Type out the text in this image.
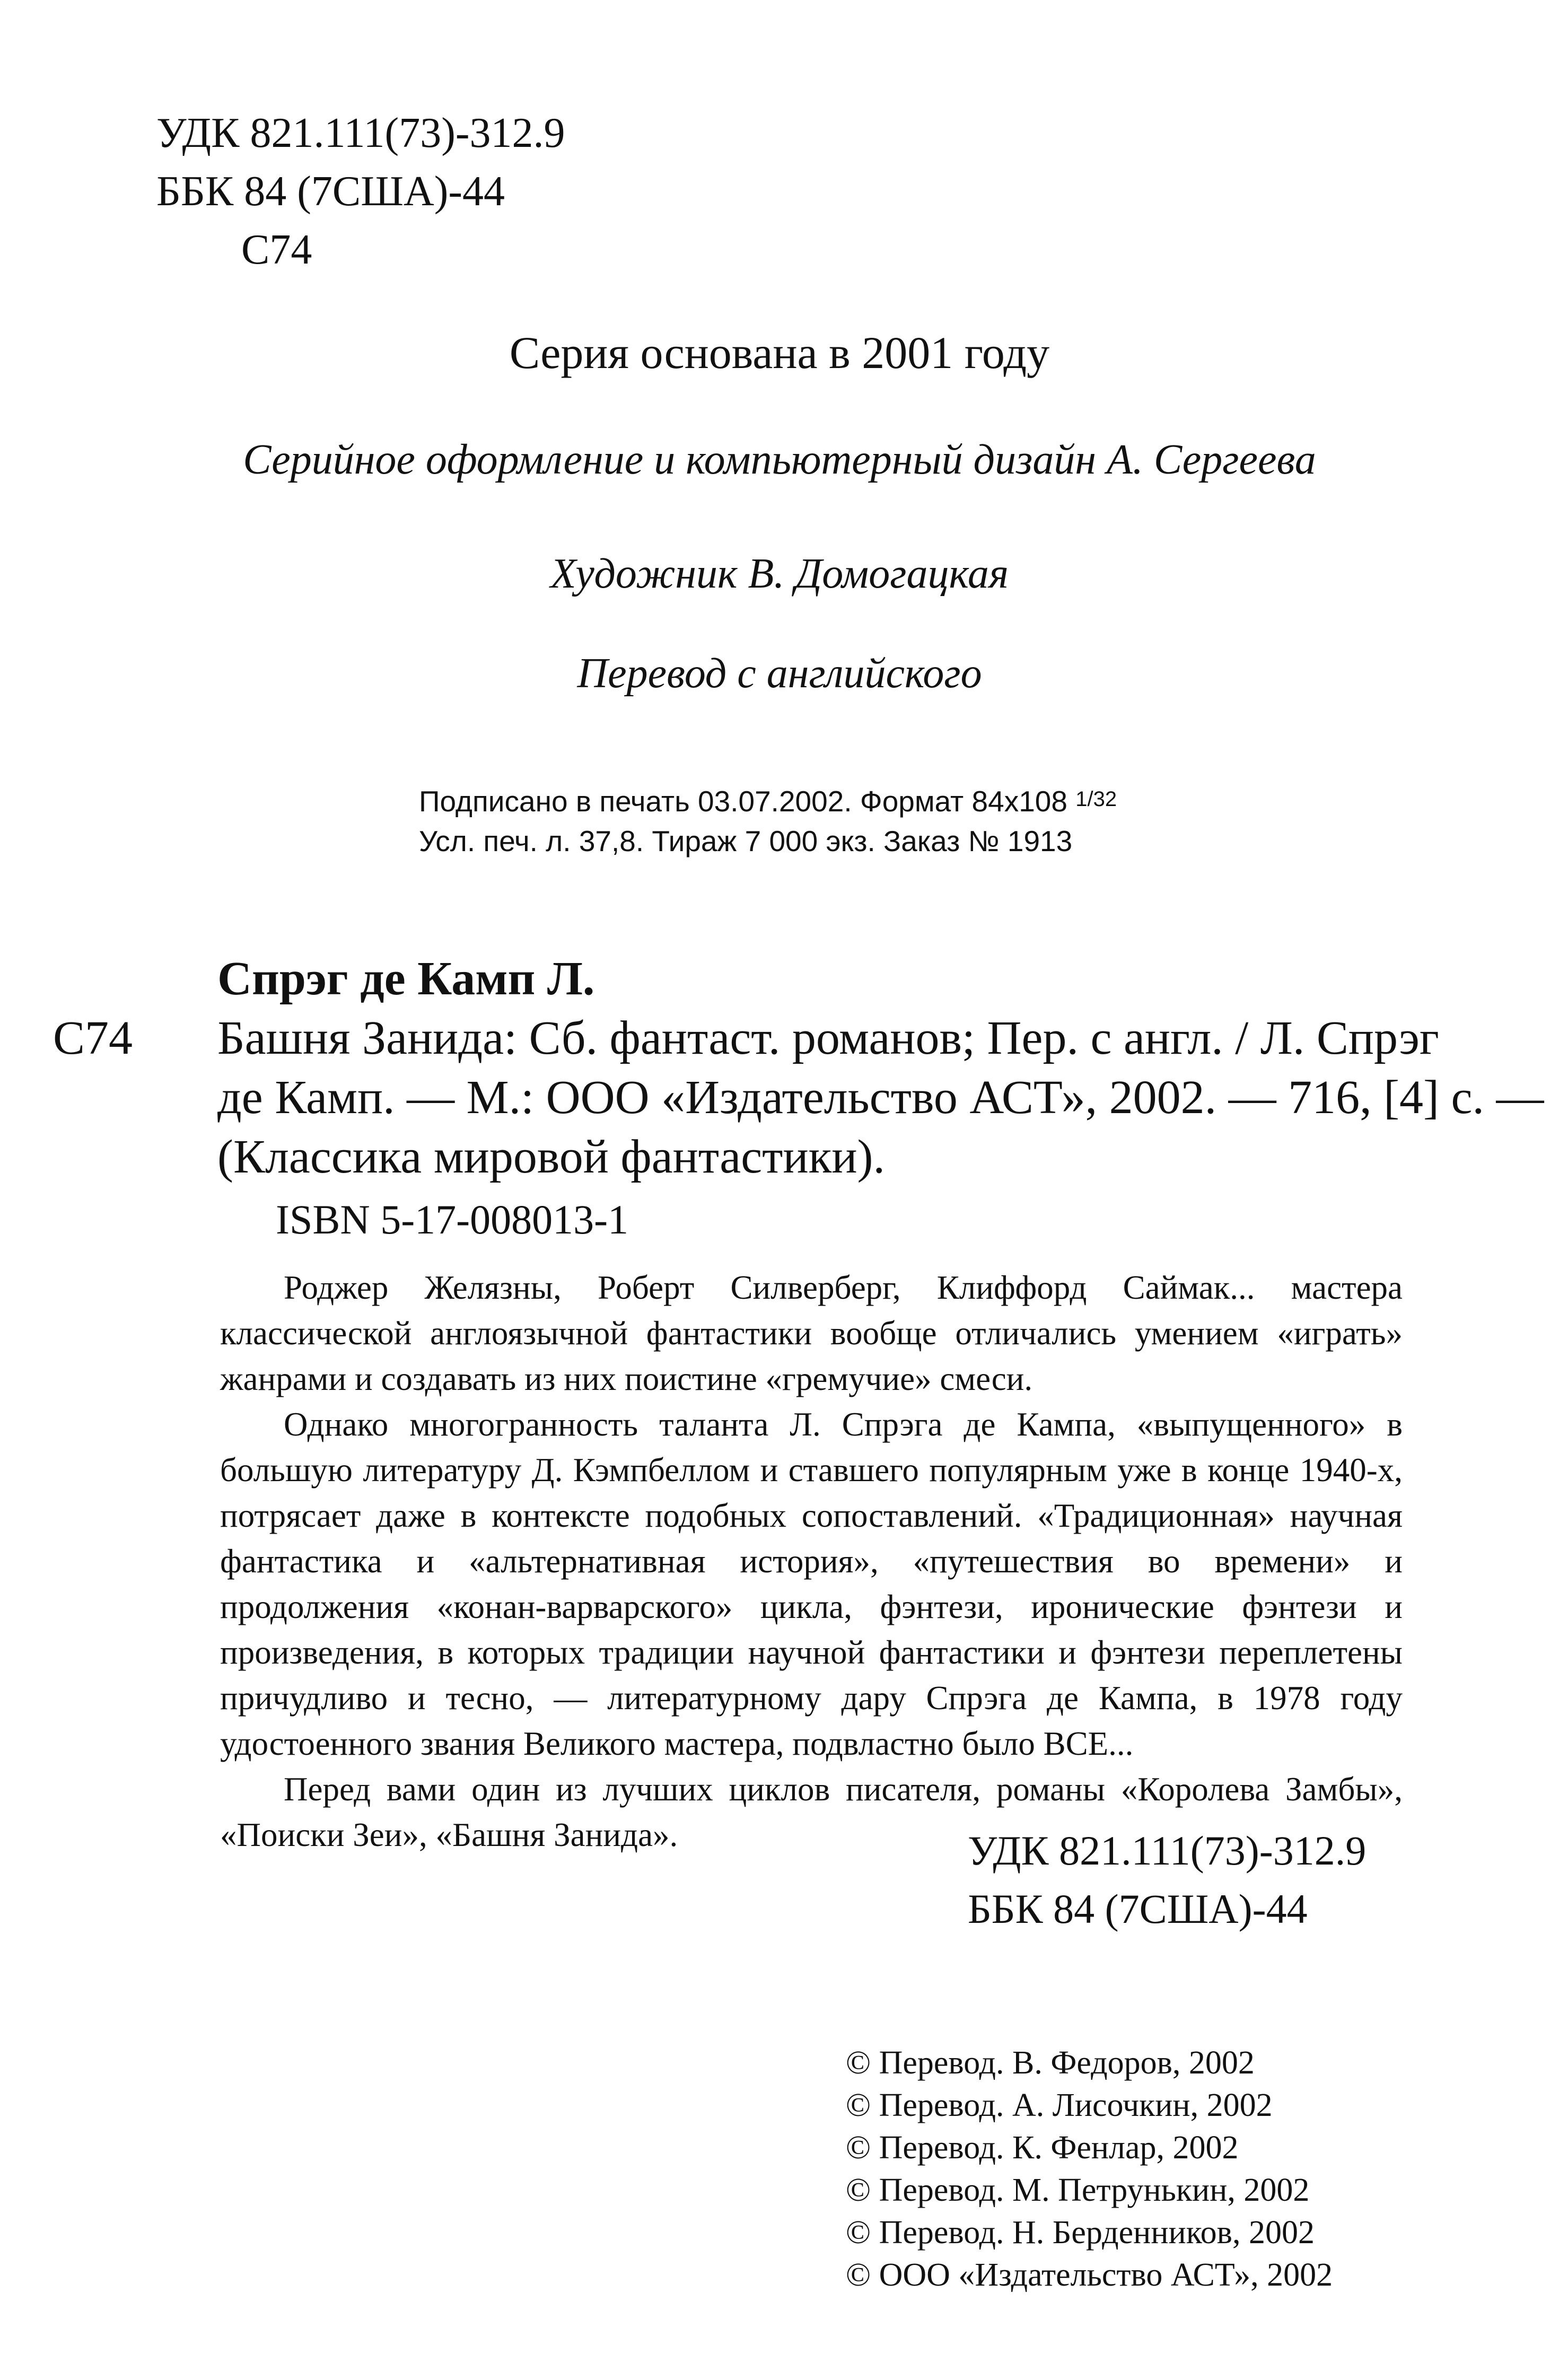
УДК 821.111(73)-312.9
ББК 84 (7США)-44
С74
Серия основана в 2001 году
Серийное оформление и компьютерный дизайн А. Сергеева
Художник В. Домогацкая
Перевод с английского
Подписано в печать 03.07.2002. Формат 84x108 1/32
Усл. печ. л. 37,8. Тираж 7 000 экз. Заказ № 1913
Спрэг де Камп Л.
С74 Башня Занида: Сб. фантаст. романов; Пер. с англ. / Л. Спрэг
де Камп. — М.: ООО «Издательство АСТ», 2002. — 716, [4] с. —
(Классика мировой фантастики).
ISBN 5-17-008013-1

Роджер Желязны, Роберт Силверберг, Клиффорд Саймак... мастера классической англоязычной фантастики вообще отличались умением «играть» жанрами и создавать из них поистине «гремучие» смеси.

Однако многогранность таланта Л. Спрэга де Кампа, «выпущенного» в большую литературу Д. Кэмпбеллом и ставшего популярным уже в конце 1940-х, потрясает даже в контексте подобных сопоставлений. «Традиционная» научная фантастика и «альтернативная история», «путешествия во времени» и продолжения «конан-варварского» цикла, фэнтези, иронические фэнтези и произведения, в которых традиции научной фантастики и фэнтези переплетены причудливо и тесно, — литературному дару Спрэга де Кампа, в 1978 году удостоенного звания Великого мастера, подвластно было ВСЕ...

Перед вами один из лучших циклов писателя, романы «Королева Замбы», «Поиски Зеи», «Башня Занида».	УДК 821.111(73)-312.9
ББК 84 (7США)-44
© Перевод. В. Федоров, 2002
© Перевод. А. Лисочкин, 2002
© Перевод. К. Фенлар, 2002
© Перевод. М. Петрунькин, 2002
© Перевод. Н. Берденников, 2002
© ООО «Издательство АСТ», 2002
